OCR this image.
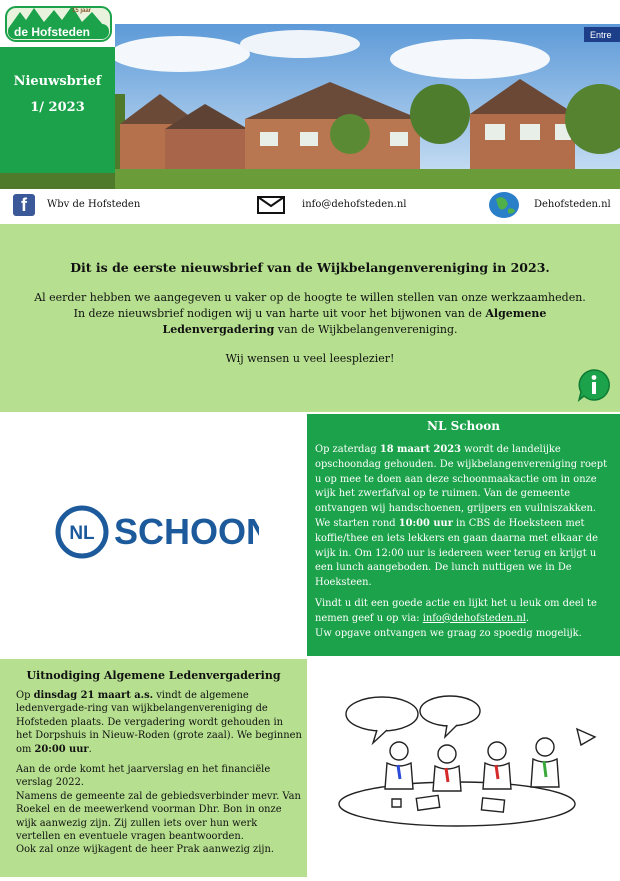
Entre
15 jaar
de Hofsteden
Nieuwsbrief
1/ 2023
f Wbv de Hofsteden	info@dehofsteden.nl	Dehofsteden.nl
Dit is de eerste nieuwsbrief van de Wijkbelangenvereniging in 2023.
Al eerder hebben we aangegeven u vaker op de hoogte te willen stellen van onze werkzaamheden.
In deze nieuwsbrief nodigen wij u van harte uit voor het bijwonen van de Algemene Ledenvergadering van de Wijkbelangenvereniging.
Wij wensen u veel leesplezier!
NL SCHOON
NL Schoon

Op zaterdag 18 maart 2023 wordt de landelijke opschoondag gehouden. De wijkbelangenvereniging roept u op mee te doen aan deze schoonmaakactie om in onze wijk het zwerfafval op te ruimen. Van de gemeente ontvangen wij handschoenen, grijpers en vuilniszakken. We starten rond 10:00 uur in CBS de Hoeksteen met koffie/thee en iets lekkers en gaan daarna met elkaar de wijk in. Om 12:00 uur is iedereen weer terug en krijgt u een lunch aangeboden. De lunch nuttigen we in De Hoeksteen.

Vindt u dit een goede actie en lijkt het u leuk om deel te nemen geef u op via: info@dehofsteden.nl.
Uw opgave ontvangen we graag zo spoedig mogelijk.

Uitnodiging Algemene Ledenvergadering

Op dinsdag 21 maart a.s. vindt de algemene ledenvergade-ring van wijkbelangenvereniging de Hofsteden plaats. De vergadering wordt gehouden in het Dorpshuis in Nieuw-Roden (grote zaal). We beginnen om 20:00 uur.

Aan de orde komt het jaarverslag en het financiële verslag 2022.
Namens de gemeente zal de gebiedsverbinder mevr. Van Roekel en de meewerkend voorman Dhr. Bon in onze wijk aanwezig zijn. Zij zullen iets over hun werk vertellen en eventuele vragen beantwoorden.
Ook zal onze wijkagent de heer Prak aanwezig zijn.
